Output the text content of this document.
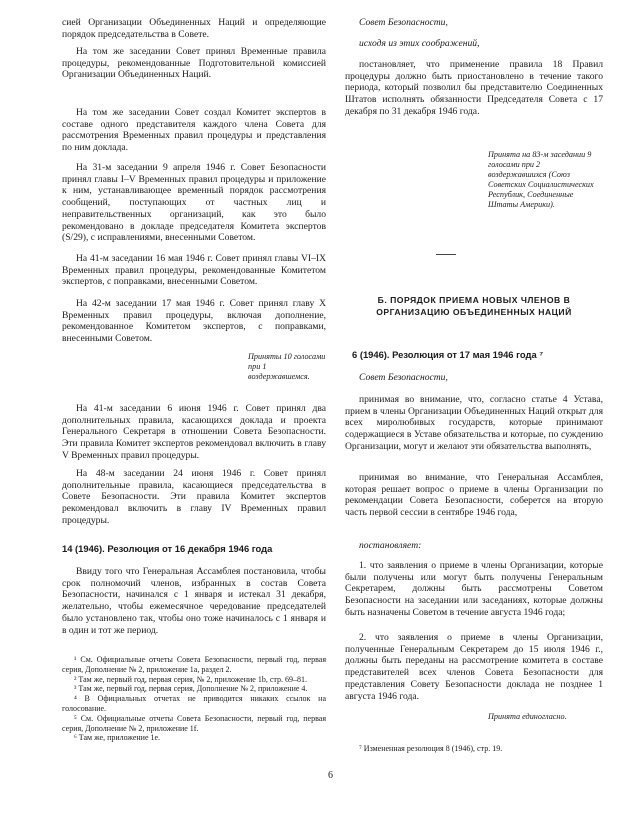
сией Организации Объединенных Наций и определяющие порядок председательства в Совете.

На том же заседании Совет принял Временные правила процедуры, рекомендованные Подготовительной комиссией Организации Объединенных Наций.

На том же заседании Совет создал Комитет экспертов в составе одного представителя каждого члена Совета для рассмотрения Временных правил процедуры и представления по ним доклада.

На 31-м заседании 9 апреля 1946 г. Совет Безопасности принял главы I–V Временных правил процедуры и приложение к ним, устанавливающее временный порядок рассмотрения сообщений, поступающих от частных лиц и неправительственных организаций, как это было рекомендовано в докладе председателя Комитета экспертов (S/29), с исправлениями, внесенными Советом.

На 41-м заседании 16 мая 1946 г. Совет принял главы VI–IX Временных правил процедуры, рекомендованные Комитетом экспертов, с поправками, внесенными Советом.

На 42-м заседании 17 мая 1946 г. Совет принял главу X Временных правил процедуры, включая дополнение, рекомендованное Комитетом экспертов, с поправками, внесенными Советом.

Приняты 10 голосами при 1 воздержавшемся.

На 41-м заседании 6 июня 1946 г. Совет принял два дополнительных правила, касающихся доклада и проекта Генерального Секретаря в отношении Совета Безопасности. Эти правила Комитет экспертов рекомендовал включить в главу V Временных правил процедуры.

На 48-м заседании 24 июня 1946 г. Совет принял дополнительные правила, касающиеся председательства в Совете Безопасности. Эти правила Комитет экспертов рекомендовал включить в главу IV Временных правил процедуры.

14 (1946). Резолюция от 16 декабря 1946 года

Ввиду того что Генеральная Ассамблея постановила, чтобы срок полномочий членов, избранных в состав Совета Безопасности, начинался с 1 января и истекал 31 декабря, желательно, чтобы ежемесячное чередование председателей было установлено так, чтобы оно тоже начиналось с 1 января и в один и тот же период.

¹ См. Официальные отчеты Совета Безопасности, первый год, первая серия, Дополнение № 2, приложение 1а, раздел 2.

² Там же, первый год, первая серия, № 2, приложение 1b, стр. 69–81.

³ Там же, первый год, первая серия, Дополнение № 2, приложение 4.

⁴ В Официальных отчетах не приводится никаких ссылок на голосование.

⁵ См. Официальные отчеты Совета Безопасности, первый год, первая серия, Дополнение № 2, приложение 1f.

⁶ Там же, приложение 1е.

Совет Безопасности,

исходя из этих соображений,

постановляет, что применение правила 18 Правил процедуры должно быть приостановлено в течение такого периода, который позволил бы представителю Соединенных Штатов исполнять обязанности Председателя Совета с 17 декабря по 31 декабря 1946 года.

Принята на 83-м заседании 9 голосами при 2 воздержавшихся (Союз Советских Социалистических Республик, Соединенные Штаты Америки).

Б. ПОРЯДОК ПРИЕМА НОВЫХ ЧЛЕНОВ В ОРГАНИЗАЦИЮ ОБЪЕДИНЕННЫХ НАЦИЙ

6 (1946). Резолюция от 17 мая 1946 года ⁷

Совет Безопасности,

принимая во внимание, что, согласно статье 4 Устава, прием в члены Организации Объединенных Наций открыт для всех миролюбивых государств, которые принимают содержащиеся в Уставе обязательства и которые, по суждению Организации, могут и желают эти обязательства выполнять,

принимая во внимание, что Генеральная Ассамблея, которая решает вопрос о приеме в члены Организации по рекомендации Совета Безопасности, соберется на вторую часть первой сессии в сентябре 1946 года,

постановляет:

1. что заявления о приеме в члены Организации, которые были получены или могут быть получены Генеральным Секретарем, должны быть рассмотрены Советом Безопасности на заседании или заседаниях, которые должны быть назначены Советом в течение августа 1946 года;

2. что заявления о приеме в члены Организации, полученные Генеральным Секретарем до 15 июля 1946 г., должны быть переданы на рассмотрение комитета в составе представителей всех членов Совета Безопасности для представления Совету Безопасности доклада не позднее 1 августа 1946 года.

Принята единогласно.

⁷ Измененная резолюция 8 (1946), стр. 19.

6
